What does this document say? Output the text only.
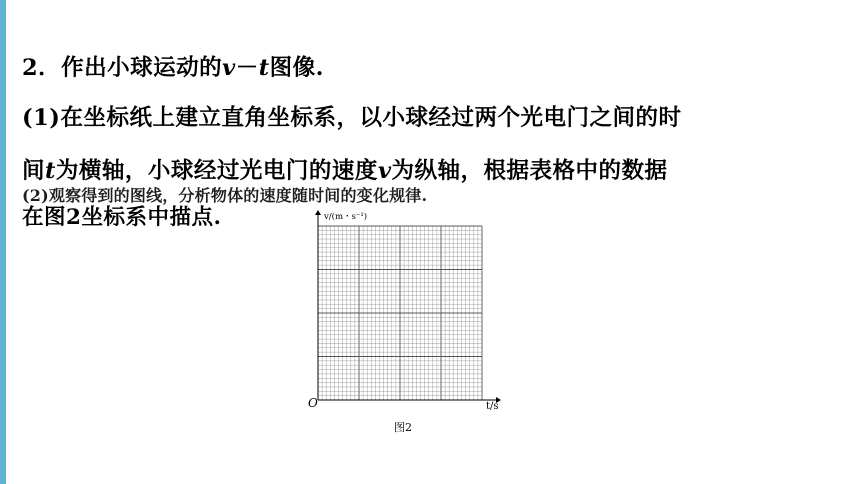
2．作出小球运动的v－t图像.
(1)在坐标纸上建立直角坐标系，以小球经过两个光电门之间的时
间t为横轴，小球经过光电门的速度v为纵轴，根据表格中的数据
在图2坐标系中描点.
(2)观察得到的图线，分析物体的速度随时间的变化规律.
v/(m・s⁻¹)
O	t/s
图2
